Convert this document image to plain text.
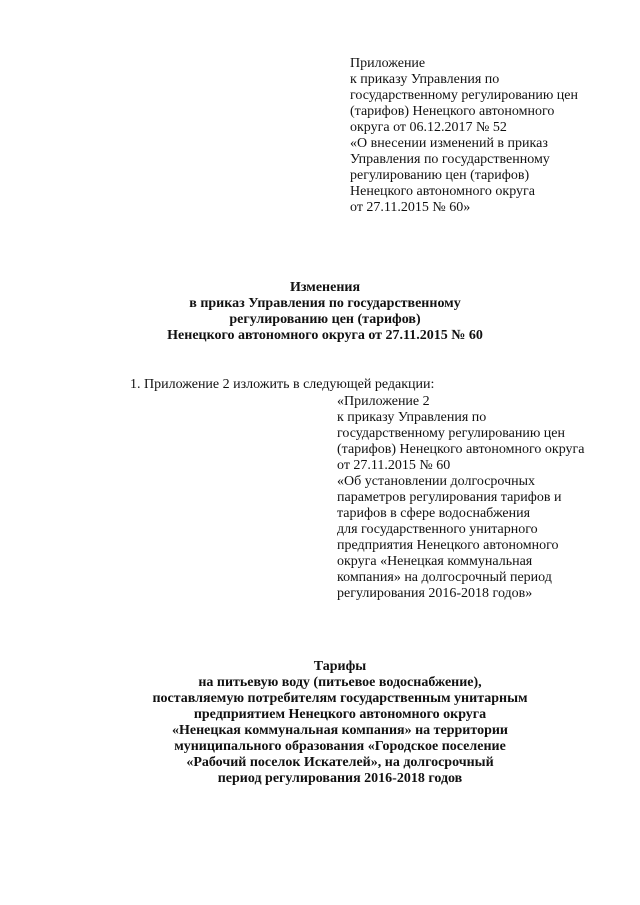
Приложение
к приказу Управления по
государственному регулированию цен
(тарифов) Ненецкого автономного
округа от 06.12.2017 № 52
«О внесении изменений в приказ
Управления по государственному
регулированию цен (тарифов)
Ненецкого автономного округа
от 27.11.2015 № 60»
Изменения
в приказ Управления по государственному
регулированию цен (тарифов)
Ненецкого автономного округа от 27.11.2015 № 60
1. Приложение 2 изложить в следующей редакции:
«Приложение 2
к приказу Управления по
государственному регулированию цен
(тарифов) Ненецкого автономного округа
от 27.11.2015 № 60
«Об установлении долгосрочных
параметров регулирования тарифов и
тарифов в сфере водоснабжения
для государственного унитарного
предприятия Ненецкого автономного
округа «Ненецкая коммунальная
компания» на долгосрочный период
регулирования 2016-2018 годов»
Тарифы
на питьевую воду (питьевое водоснабжение),
поставляемую потребителям государственным унитарным
предприятием Ненецкого автономного округа
«Ненецкая коммунальная компания» на территории
муниципального образования «Городское поселение
«Рабочий поселок Искателей», на долгосрочный
период регулирования 2016-2018 годов
